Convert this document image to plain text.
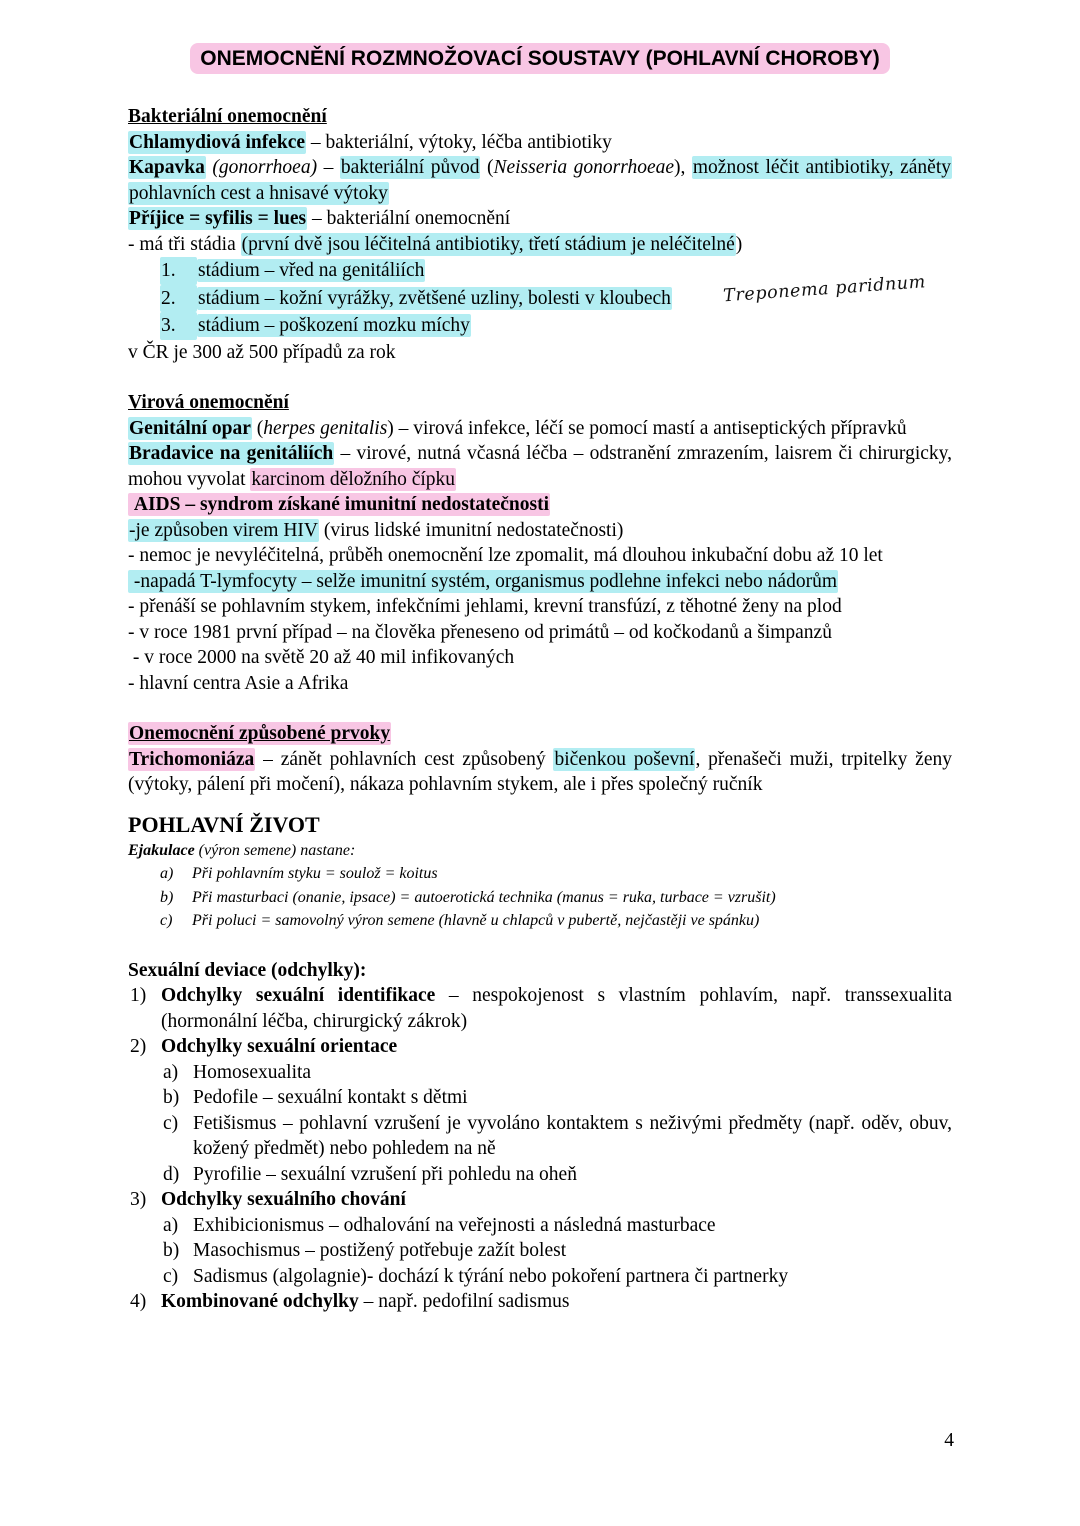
ONEMOCNĚNÍ ROZMNOŽOVACÍ SOUSTAVY (POHLAVNÍ CHOROBY)
Bakteriální onemocnění
Chlamydiová infekce – bakteriální, výtoky, léčba antibiotiky
Kapavka (gonorrhoea) – bakteriální původ (Neisseria gonorrhoeae), možnost léčit antibiotiky, záněty pohlavních cest a hnisavé výtoky
Příjice = syfilis = lues – bakteriální onemocnění
- má tři stádia (první dvě jsou léčitelná antibiotiky, třetí stádium je neléčitelné)
1. stádium – vřed na genitáliích
2. stádium – kožní vyrážky, zvětšené uzliny, bolesti v kloubech	Treponema paridnum
3. stádium – poškození mozku míchy
v ČR je 300 až 500 případů za rok
Virová onemocnění
Genitální opar (herpes genitalis) – virová infekce, léčí se pomocí mastí a antiseptických přípravků
Bradavice na genitáliích – virové, nutná včasná léčba – odstranění zmrazením, laisrem či chirurgicky, mohou vyvolat karcinom děložního čípku
AIDS – syndrom získané imunitní nedostatečnosti
-je způsoben virem HIV (virus lidské imunitní nedostatečnosti)
- nemoc je nevyléčitelná, průběh onemocnění lze zpomalit, má dlouhou inkubační dobu až 10 let
-napadá T-lymfocyty – selže imunitní systém, organismus podlehne infekci nebo nádorům
- přenáší se pohlavním stykem, infekčními jehlami, krevní transfúzí, z těhotné ženy na plod
- v roce 1981 první případ – na člověka přeneseno od primátů – od kočkodanů a šimpanzů
- v roce 2000 na světě 20 až 40 mil infikovaných
- hlavní centra Asie a Afrika
Onemocnění způsobené prvoky
Trichomoniáza – zánět pohlavních cest způsobený bičenkou poševní, přenašeči muži, trpitelky ženy (výtoky, pálení při močení), nákaza pohlavním stykem, ale i přes společný ručník
POHLAVNÍ ŽIVOT
Ejakulace (výron semene) nastane:
a) Při pohlavním styku = soulož = koitus
b) Při masturbaci (onanie, ipsace) = autoerotická technika (manus = ruka, turbace = vzrušit)
c) Při poluci = samovolný výron semene (hlavně u chlapců v pubertě, nejčastěji ve spánku)
Sexuální deviace (odchylky):
1) Odchylky sexuální identifikace – nespokojenost s vlastním pohlavím, např. transsexualita (hormonální léčba, chirurgický zákrok)
2) Odchylky sexuální orientace
a) Homosexualita
b) Pedofile – sexuální kontakt s dětmi
c) Fetišismus – pohlavní vzrušení je vyvoláno kontaktem s neživými předměty (např. oděv, obuv, kožený předmět) nebo pohledem na ně
d) Pyrofilie – sexuální vzrušení při pohledu na oheň
3) Odchylky sexuálního chování
a) Exhibicionismus – odhalování na veřejnosti a následná masturbace
b) Masochismus – postižený potřebuje zažít bolest
c) Sadismus (algolagnie)- dochází k týrání nebo pokoření partnera či partnerky
4) Kombinované odchylky – např. pedofilní sadismus
4
